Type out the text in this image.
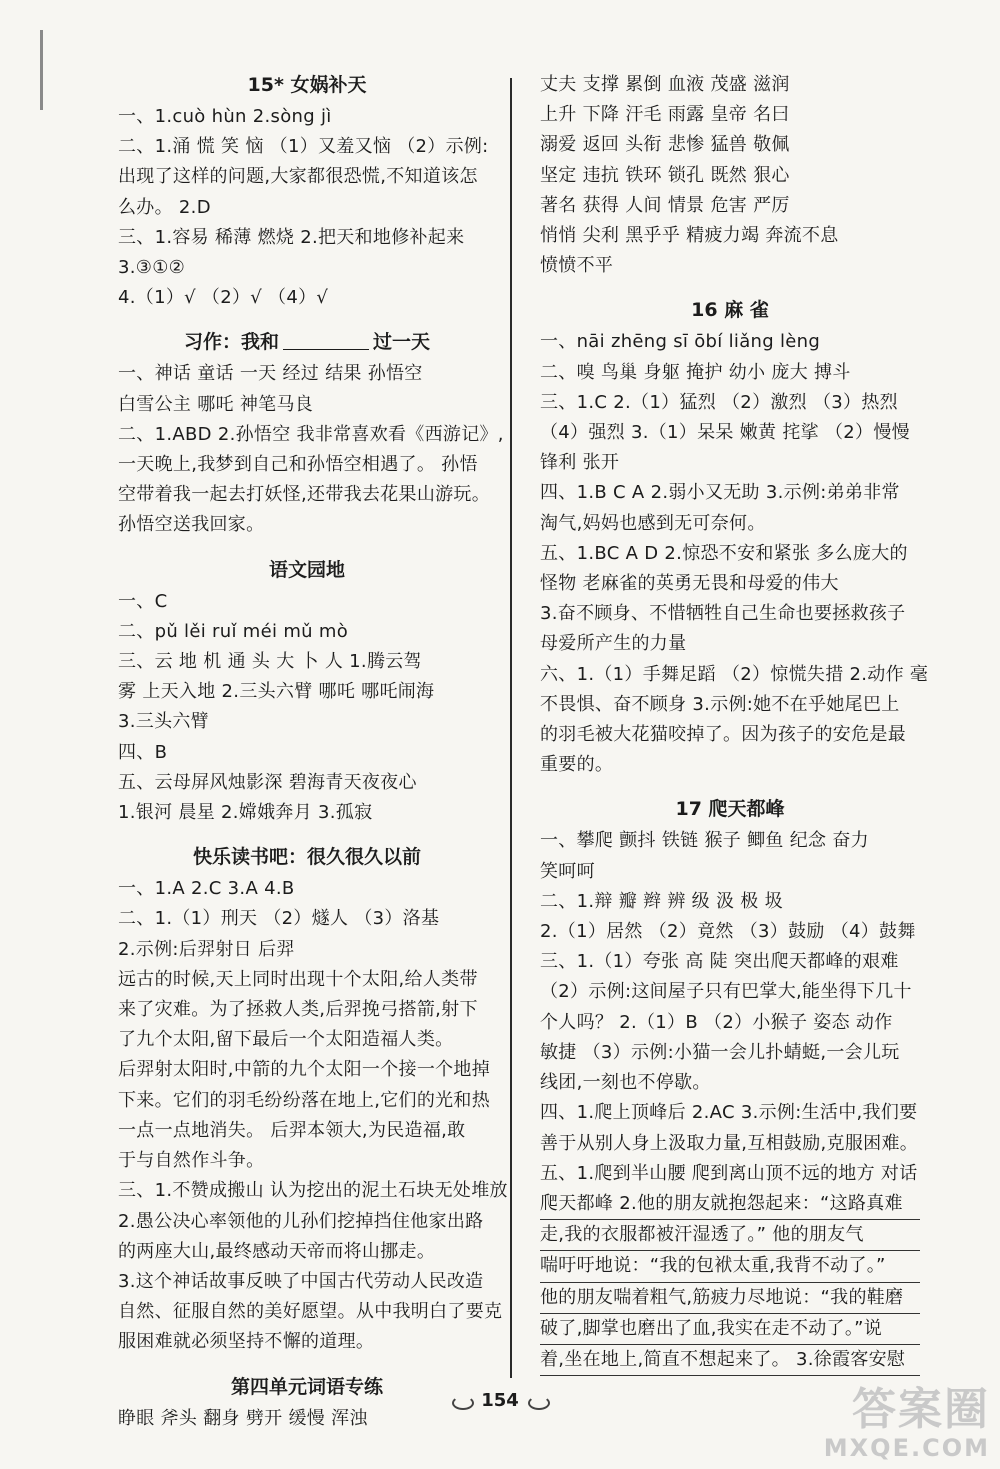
15* 女娲补天
一、1.cuò hùn 2.sòng jì
二、1.涌 慌 笑 恼 （1）又羞又恼 （2）示例:
出现了这样的问题,大家都很恐慌,不知道该怎
么办。 2.D
三、1.容易 稀薄 燃烧 2.把天和地修补起来
3.③①②
4.（1）√ （2）√ （4）√
习作：我和	过一天
一、神话 童话 一天 经过 结果 孙悟空
白雪公主 哪吒 神笔马良
二、1.ABD 2.孙悟空 我非常喜欢看《西游记》,
一天晚上,我梦到自己和孙悟空相遇了。 孙悟
空带着我一起去打妖怪,还带我去花果山游玩。
孙悟空送我回家。
语文园地
一、C
二、pǔ lěi ruǐ méi mǔ mò
三、云 地 机 通 头 大 卜 人 1.腾云驾
雾 上天入地 2.三头六臂 哪吒 哪吒闹海
3.三头六臂
四、B
五、云母屏风烛影深 碧海青天夜夜心
1.银河 晨星 2.嫦娥奔月 3.孤寂
快乐读书吧：很久很久以前
一、1.A 2.C 3.A 4.B
二、1.（1）刑天 （2）燧人 （3）洛基
2.示例:后羿射日 后羿
远古的时候,天上同时出现十个太阳,给人类带
来了灾难。为了拯救人类,后羿挽弓搭箭,射下
了九个太阳,留下最后一个太阳造福人类。
后羿射太阳时,中箭的九个太阳一个接一个地掉
下来。它们的羽毛纷纷落在地上,它们的光和热
一点一点地消失。 后羿本领大,为民造福,敢
于与自然作斗争。
三、1.不赞成搬山 认为挖出的泥土石块无处堆放
2.愚公决心率领他的儿孙们挖掉挡住他家出路
的两座大山,最终感动天帝而将山挪走。
3.这个神话故事反映了中国古代劳动人民改造
自然、征服自然的美好愿望。从中我明白了要克
服困难就必须坚持不懈的道理。
第四单元词语专练
睁眼 斧头 翻身 劈开 缓慢 浑浊
丈夫 支撑 累倒 血液 茂盛 滋润
上升 下降 汗毛 雨露 皇帝 名曰
溺爱 返回 头衔 悲惨 猛兽 敬佩
坚定 违抗 铁环 锁孔 既然 狠心
著名 获得 人间 情景 危害 严厉
悄悄 尖利 黑乎乎 精疲力竭 奔流不息
愤愤不平
16 麻 雀
一、nāi zhēng sī ōbí liǎng lèng
二、嗅 鸟巢 身躯 掩护 幼小 庞大 搏斗
三、1.C 2.（1）猛烈 （2）激烈 （3）热烈
（4）强烈 3.（1）呆呆 嫩黄 挓挲 （2）慢慢
锋利 张开
四、1.B C A 2.弱小又无助 3.示例:弟弟非常
淘气,妈妈也感到无可奈何。
五、1.BC A D 2.惊恐不安和紧张 多么庞大的
怪物 老麻雀的英勇无畏和母爱的伟大
3.奋不顾身、不惜牺牲自己生命也要拯救孩子
母爱所产生的力量
六、1.（1）手舞足蹈 （2）惊慌失措 2.动作 毫
不畏惧、奋不顾身 3.示例:她不在乎她尾巴上
的羽毛被大花猫咬掉了。因为孩子的安危是最
重要的。
17 爬天都峰
一、攀爬 颤抖 铁链 猴子 鲫鱼 纪念 奋力
笑呵呵
二、1.辩 瓣 辫 辨 级 汲 极 圾
2.（1）居然 （2）竟然 （3）鼓励 （4）鼓舞
三、1.（1）夸张 高 陡 突出爬天都峰的艰难
（2）示例:这间屋子只有巴掌大,能坐得下几十
个人吗？ 2.（1）B （2）小猴子 姿态 动作
敏捷 （3）示例:小猫一会儿扑蜻蜓,一会儿玩
线团,一刻也不停歇。
四、1.爬上顶峰后 2.AC 3.示例:生活中,我们要
善于从别人身上汲取力量,互相鼓励,克服困难。
五、1.爬到半山腰 爬到离山顶不远的地方 对话
爬天都峰 2.他的朋友就抱怨起来：“这路真难
走,我的衣服都被汗湿透了。” 他的朋友气
喘吁吁地说：“我的包袱太重,我背不动了。”
他的朋友喘着粗气,筋疲力尽地说：“我的鞋磨
破了,脚掌也磨出了血,我实在走不动了。”说
着,坐在地上,简直不想起来了。 3.徐霞客安慰
154	答案圈
MXQE.COM
